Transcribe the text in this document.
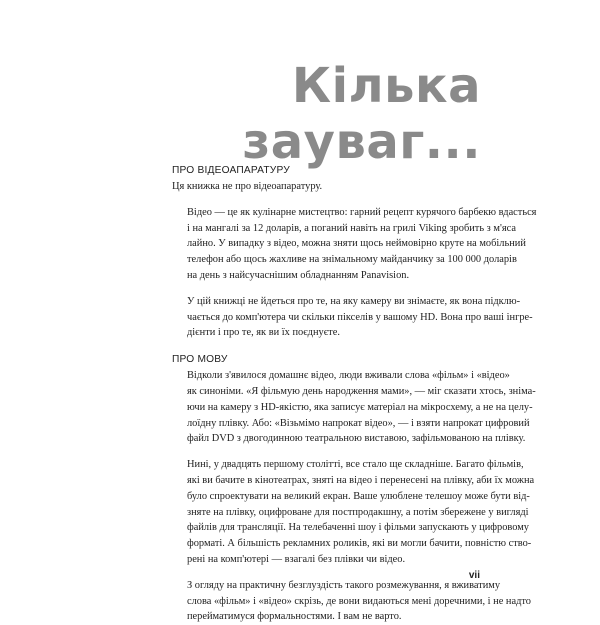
Кілька
зауваг...
ПРО ВІДЕОАПАРАТУРУ

Ця книжка не про відеоапаратуру.

Відео — це як кулінарне мистецтво: гарний рецепт курячого барбекю вдасться
і на мангалі за 12 доларів, а поганий навіть на грилі Viking зробить з м'яса
лайно. У випадку з відео, можна зняти щось неймовірно круте на мобільний
телефон або щось жахливе на знімальному майданчику за 100 000 доларів
на день з найсучаснішим обладнанням Panavision.

У цій книжці не йдеться про те, на яку камеру ви знімаєте, як вона підклю-
чається до комп'ютера чи скільки пікселів у вашому HD. Вона про ваші інгре-
дієнти і про те, як ви їх поєднуєте.

ПРО МОВУ

Відколи з'явилося домашнє відео, люди вживали слова «фільм» і «відео»
як синоніми. «Я фільмую день народження мами», — міг сказати хтось, зніма-
ючи на камеру з HD-якістю, яка записує матеріал на мікросхему, а не на целу-
лоїдну плівку. Або: «Візьмімо напрокат відео», — і взяти напрокат цифровий
файл DVD з двогодинною театральною виставою, зафільмованою на плівку.

Нині, у двадцять першому столітті, все стало ще складніше. Багато фільмів,
які ви бачите в кінотеатрах, зняті на відео і перенесені на плівку, аби їх можна
було спроектувати на великий екран. Ваше улюблене телешоу може бути від-
зняте на плівку, оцифроване для постпродакшну, а потім збережене у вигляді
файлів для трансляції. На телебаченні шоу і фільми запускають у цифровому
форматі. А більшість рекламних роликів, які ви могли бачити, повністю ство-
рені на комп'ютері — взагалі без плівки чи відео.

З огляду на практичну безглуздість такого розмежування, я вживатиму
слова «фільм» і «відео» скрізь, де вони видаються мені доречними, і не надто
перейматимуся формальностями. І вам не варто.

vii
